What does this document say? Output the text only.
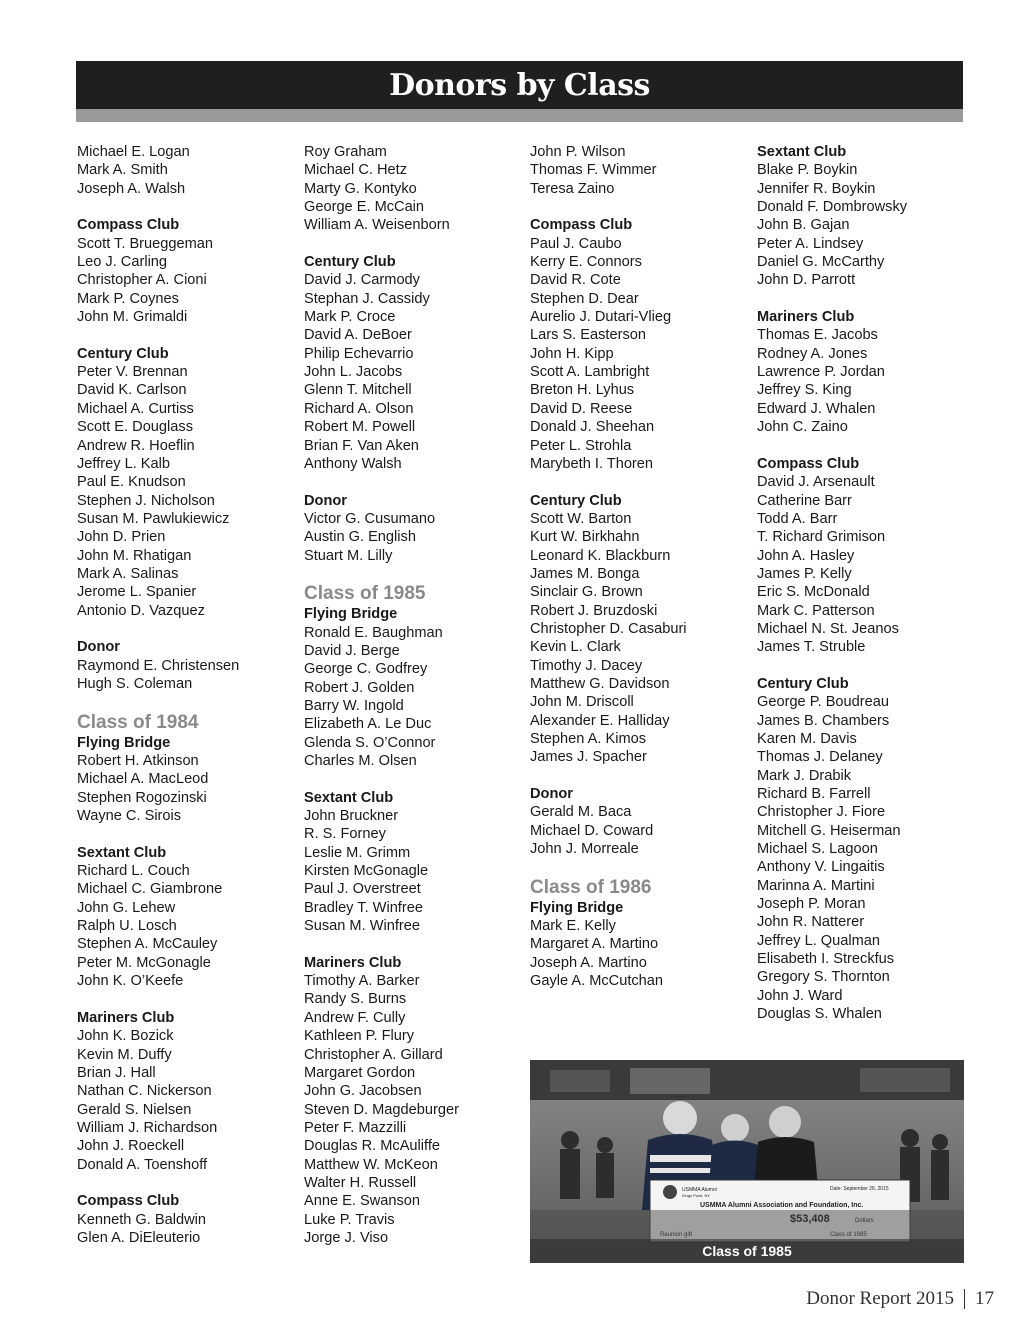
Donors by Class
Michael E. Logan
Mark A. Smith
Joseph A. Walsh
Compass Club
Scott T. Brueggeman
Leo J. Carling
Christopher A. Cioni
Mark P. Coynes
John M. Grimaldi
Century Club
Peter V. Brennan
David K. Carlson
Michael A. Curtiss
Scott E. Douglass
Andrew R. Hoeflin
Jeffrey L. Kalb
Paul E. Knudson
Stephen J. Nicholson
Susan M. Pawlukiewicz
John D. Prien
John M. Rhatigan
Mark A. Salinas
Jerome L. Spanier
Antonio D. Vazquez
Donor
Raymond E. Christensen
Hugh S. Coleman
Class of 1984
Flying Bridge
Robert H. Atkinson
Michael A. MacLeod
Stephen Rogozinski
Wayne C. Sirois
Sextant Club
Richard L. Couch
Michael C. Giambrone
John G. Lehew
Ralph U. Losch
Stephen A. McCauley
Peter M. McGonagle
John K. O’Keefe
Mariners Club
John K. Bozick
Kevin M. Duffy
Brian J. Hall
Nathan C. Nickerson
Gerald S. Nielsen
William J. Richardson
John J. Roeckell
Donald A. Toenshoff
Compass Club
Kenneth G. Baldwin
Glen A. DiEleuterio
Roy Graham
Michael C. Hetz
Marty G. Kontyko
George E. McCain
William A. Weisenborn
Century Club
David J. Carmody
Stephan J. Cassidy
Mark P. Croce
David A. DeBoer
Philip Echevarrio
John L. Jacobs
Glenn T. Mitchell
Richard A. Olson
Robert M. Powell
Brian F. Van Aken
Anthony Walsh
Donor
Victor G. Cusumano
Austin G. English
Stuart M. Lilly
Class of 1985
Flying Bridge
Ronald E. Baughman
David J. Berge
George C. Godfrey
Robert J. Golden
Barry W. Ingold
Elizabeth A. Le Duc
Glenda S. O’Connor
Charles M. Olsen
Sextant Club
John Bruckner
R. S. Forney
Leslie M. Grimm
Kirsten McGonagle
Paul J. Overstreet
Bradley T. Winfree
Susan M. Winfree
Mariners Club
Timothy A. Barker
Randy S. Burns
Andrew F. Cully
Kathleen P. Flury
Christopher A. Gillard
Margaret Gordon
John G. Jacobsen
Steven D. Magdeburger
Peter F. Mazzilli
Douglas R. McAuliffe
Matthew W. McKeon
Walter H. Russell
Anne E. Swanson
Luke P. Travis
Jorge J. Viso
John P. Wilson
Thomas F. Wimmer
Teresa Zaino
Compass Club
Paul J. Caubo
Kerry E. Connors
David R. Cote
Stephen D. Dear
Aurelio J. Dutari-Vlieg
Lars S. Easterson
John H. Kipp
Scott A. Lambright
Breton H. Lyhus
David D. Reese
Donald J. Sheehan
Peter L. Strohla
Marybeth I. Thoren
Century Club
Scott W. Barton
Kurt W. Birkhahn
Leonard K. Blackburn
James M. Bonga
Sinclair G. Brown
Robert J. Bruzdoski
Christopher D. Casaburi
Kevin L. Clark
Timothy J. Dacey
Matthew G. Davidson
John M. Driscoll
Alexander E. Halliday
Stephen A. Kimos
James J. Spacher
Donor
Gerald M. Baca
Michael D. Coward
John J. Morreale
Class of 1986
Flying Bridge
Mark E. Kelly
Margaret A. Martino
Joseph A. Martino
Gayle A. McCutchan
Sextant Club
Blake P. Boykin
Jennifer R. Boykin
Donald F. Dombrowsky
John B. Gajan
Peter A. Lindsey
Daniel G. McCarthy
John D. Parrott
Mariners Club
Thomas E. Jacobs
Rodney A. Jones
Lawrence P. Jordan
Jeffrey S. King
Edward J. Whalen
John C. Zaino
Compass Club
David J. Arsenault
Catherine Barr
Todd A. Barr
T. Richard Grimison
John A. Hasley
James P. Kelly
Eric S. McDonald
Mark C. Patterson
Michael N. St. Jeanos
James T. Struble
Century Club
George P. Boudreau
James B. Chambers
Karen M. Davis
Thomas J. Delaney
Mark J. Drabik
Richard B. Farrell
Christopher J. Fiore
Mitchell G. Heiserman
Michael S. Lagoon
Anthony V. Lingaitis
Marinna A. Martini
Joseph P. Moran
John R. Natterer
Jeffrey L. Qualman
Elisabeth I. Streckfus
Gregory S. Thornton
John J. Ward
Douglas S. Whalen
USMMA Alumni
Kings Point, NY
Date: September 26, 2015
USMMA Alumni Association and Foundation, Inc.
Class of 1985
Donor Report 2015 17
